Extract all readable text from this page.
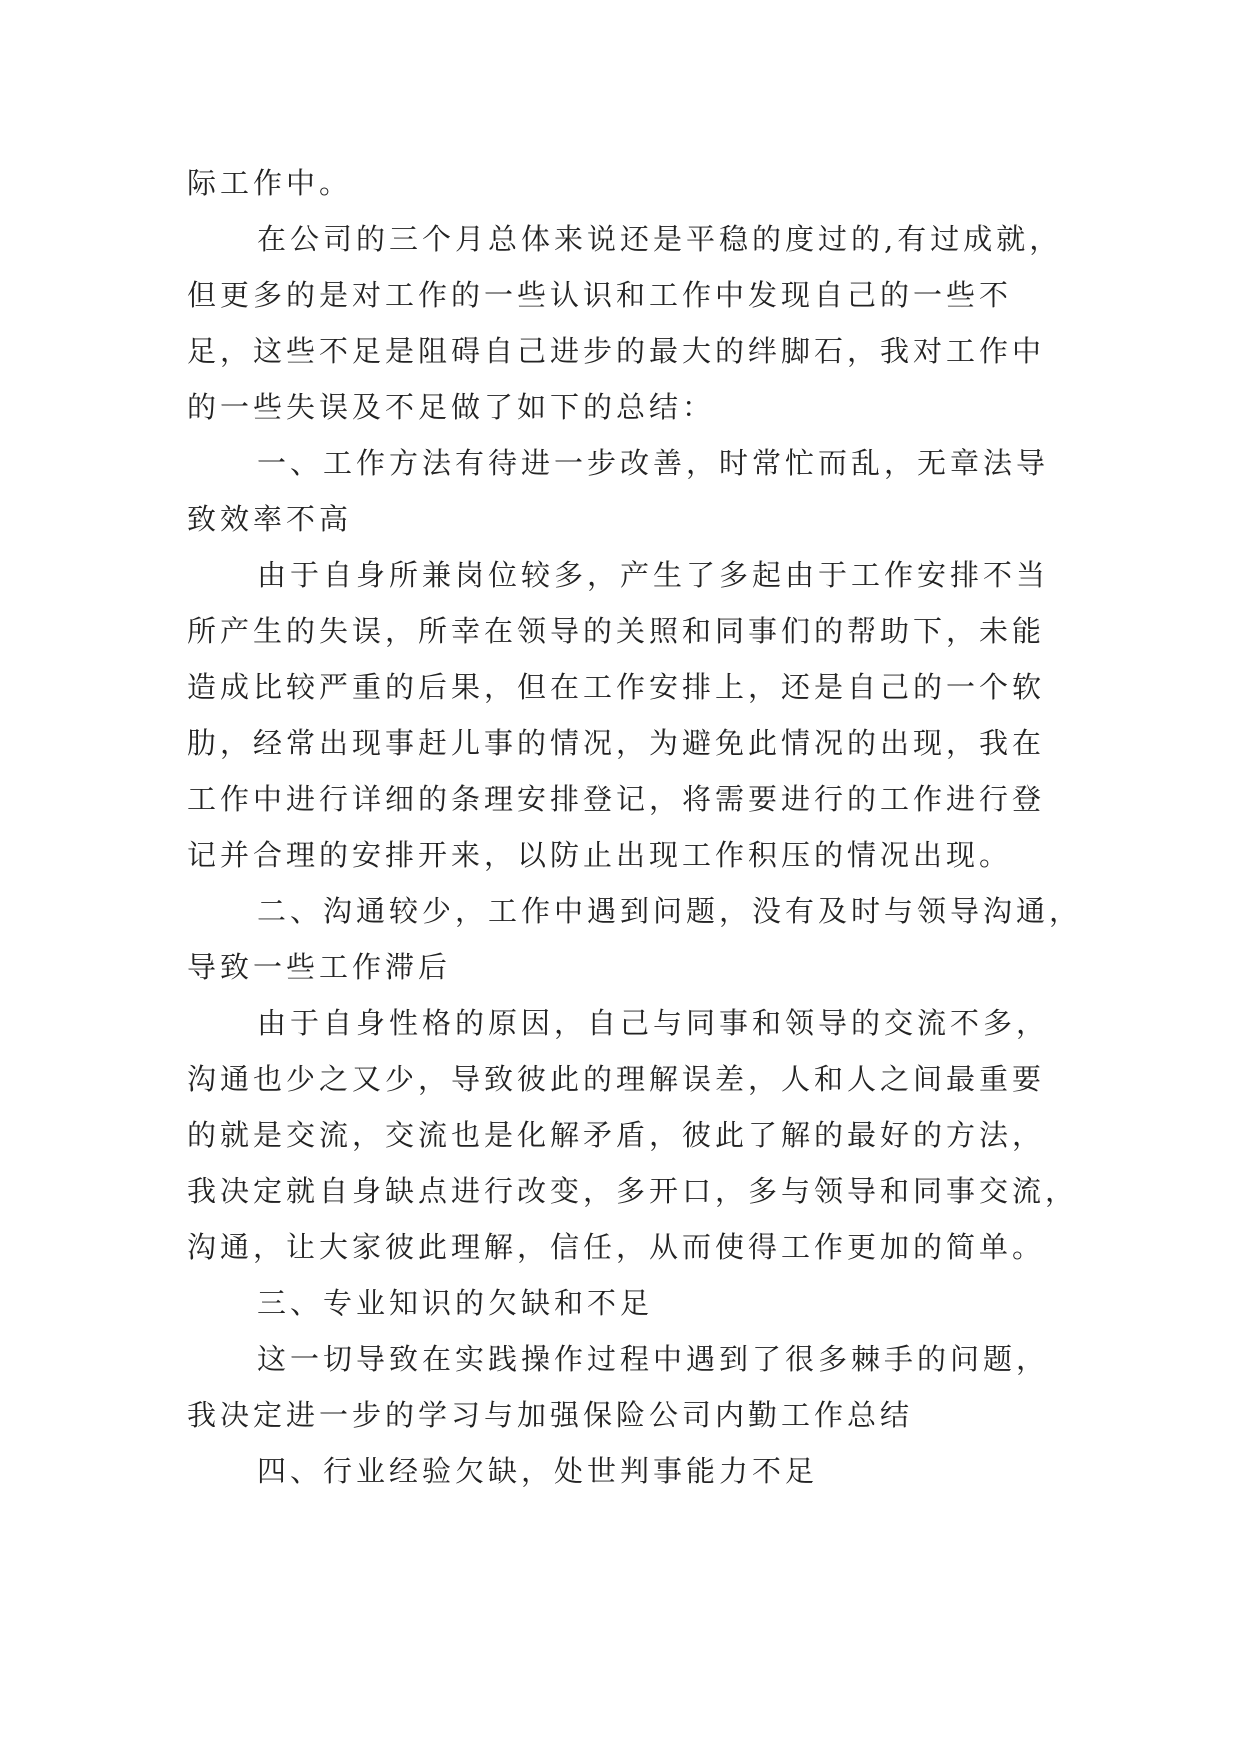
际工作中。
在公司的三个月总体来说还是平稳的度过的,有过成就，
但更多的是对工作的一些认识和工作中发现自己的一些不
足，这些不足是阻碍自己进步的最大的绊脚石，我对工作中
的一些失误及不足做了如下的总结：
一、工作方法有待进一步改善，时常忙而乱，无章法导
致效率不高
由于自身所兼岗位较多，产生了多起由于工作安排不当
所产生的失误，所幸在领导的关照和同事们的帮助下，未能
造成比较严重的后果，但在工作安排上，还是自己的一个软
肋，经常出现事赶儿事的情况，为避免此情况的出现，我在
工作中进行详细的条理安排登记，将需要进行的工作进行登
记并合理的安排开来，以防止出现工作积压的情况出现。
二、沟通较少，工作中遇到问题，没有及时与领导沟通，
导致一些工作滞后
由于自身性格的原因，自己与同事和领导的交流不多，
沟通也少之又少，导致彼此的理解误差，人和人之间最重要
的就是交流，交流也是化解矛盾，彼此了解的最好的方法，
我决定就自身缺点进行改变，多开口，多与领导和同事交流，
沟通，让大家彼此理解，信任，从而使得工作更加的简单。
三、专业知识的欠缺和不足
这一切导致在实践操作过程中遇到了很多棘手的问题，
我决定进一步的学习与加强保险公司内勤工作总结
四、行业经验欠缺，处世判事能力不足
